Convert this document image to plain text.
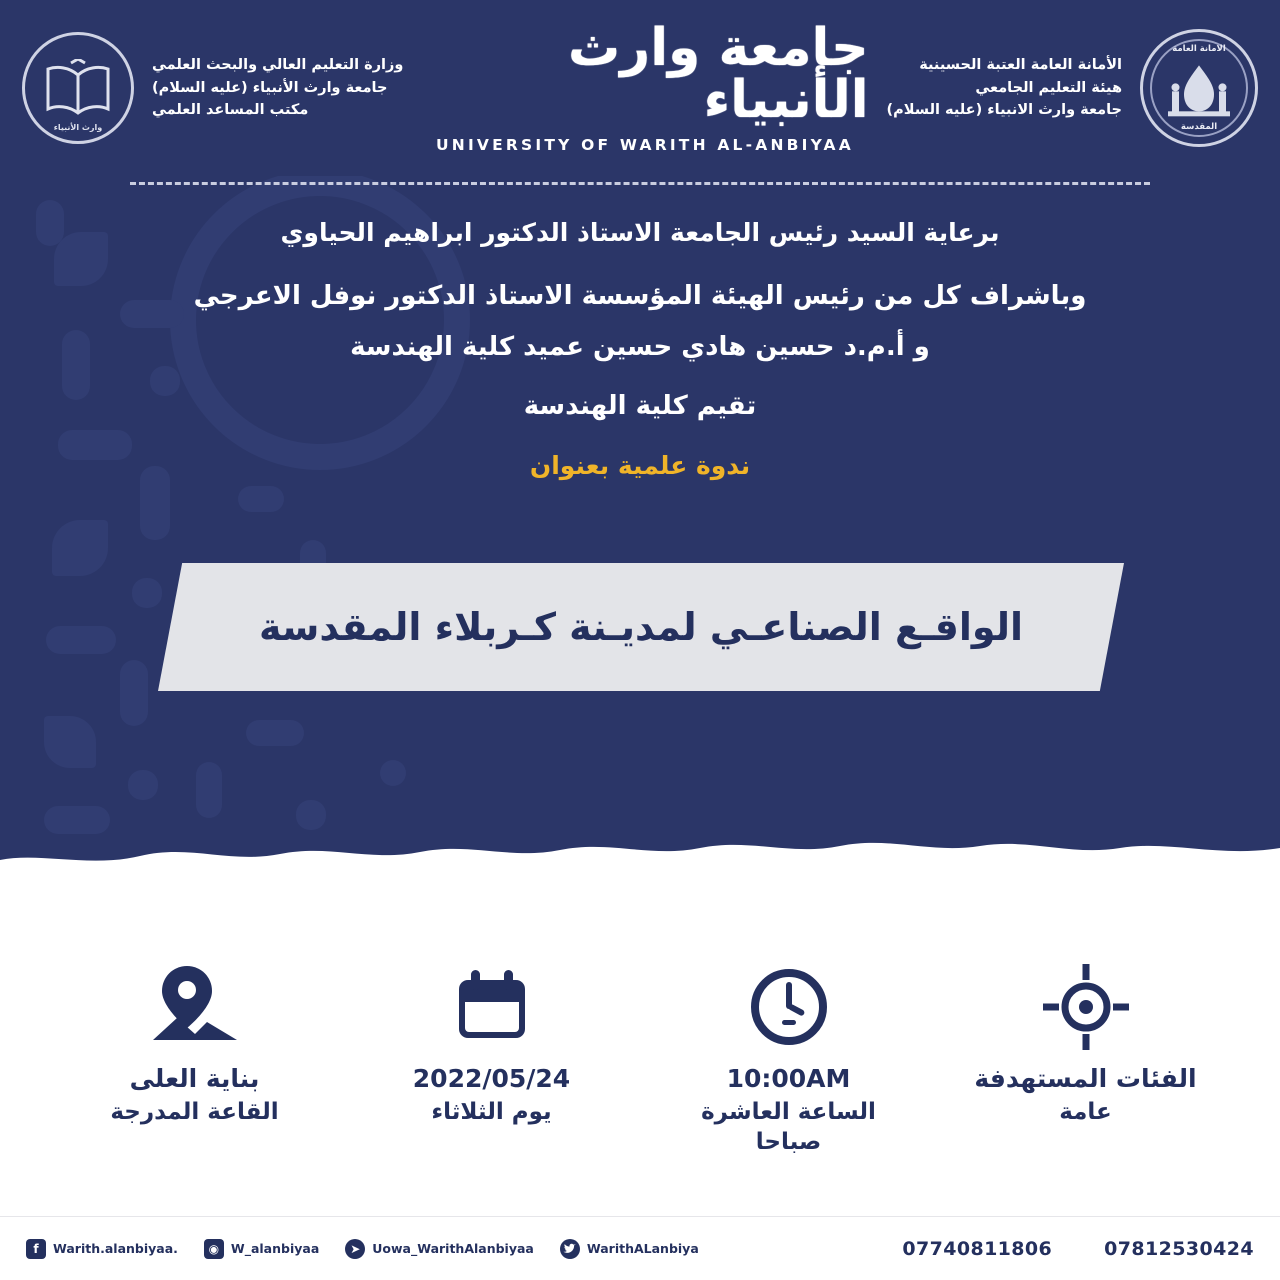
الامانة العامة
المقدسة
الأمانة العامة العتبة الحسينية
هيئة التعليم الجامعي
جامعة وارث الانبياء (عليه السلام)
جامعة وارث الأنبياء
UNIVERSITY OF WARITH AL-ANBIYAA
وزارة التعليم العالي والبحث العلمي
جامعة وارث الأنبياء (عليه السلام)
مكتب المساعد العلمي
وارث الأنبياء
برعاية السيد رئيس الجامعة الاستاذ الدكتور ابراهيم الحياوي
وباشراف كل من رئيس الهيئة المؤسسة الاستاذ الدكتور نوفل الاعرجي
و أ.م.د حسين هادي حسين عميد كلية الهندسة
تقيم كلية الهندسة
ندوة علمية بعنوان
الواقـع الصناعـي لمديـنة كـربلاء المقدسة
الفئات المستهدفة
عامة
10:00AM
الساعة العاشرة صباحا
2022/05/24
يوم الثلاثاء
بناية العلى
القاعة المدرجة
f	Warith.alanbiyaa.	◉ W_alanbiyaa	➤ Uowa_WarithAlanbiyaa	WarithALanbiya	07740811806	07812530424
